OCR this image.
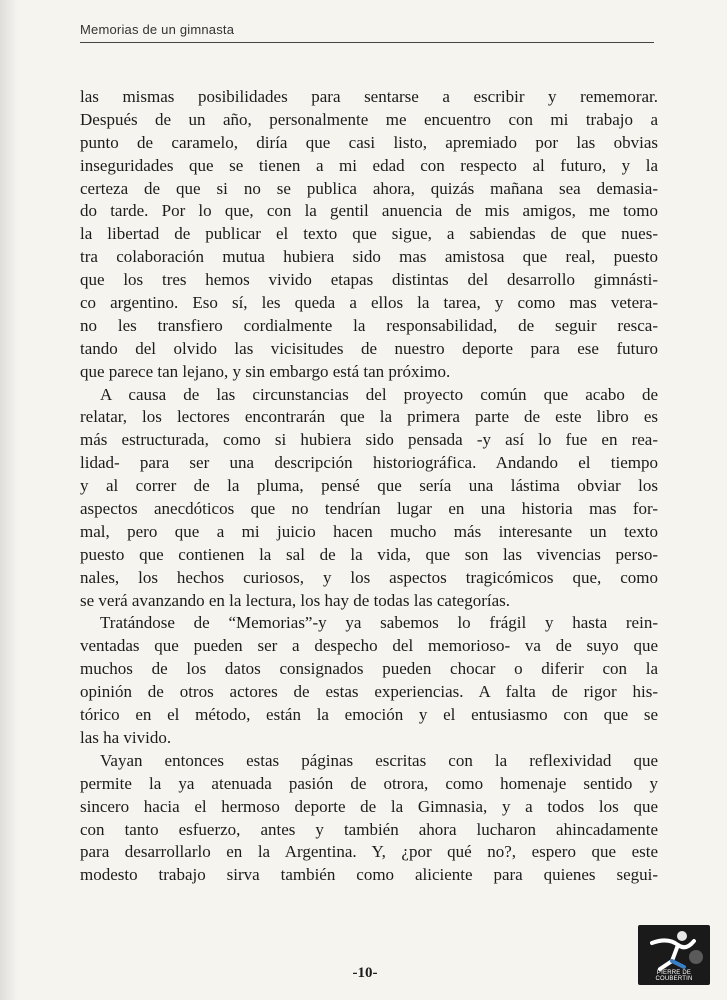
Memorias de un gimnasta
las mismas posibilidades para sentarse a escribir y rememorar.
Después de un año, personalmente me encuentro con mi trabajo a
punto de caramelo, diría que casi listo, apremiado por las obvias
inseguridades que se tienen a mi edad con respecto al futuro, y la
certeza de que si no se publica ahora, quizás mañana sea demasia-
do tarde. Por lo que, con la gentil anuencia de mis amigos, me tomo
la libertad de publicar el texto que sigue, a sabiendas de que nues-
tra colaboración mutua hubiera sido mas amistosa que real, puesto
que los tres hemos vivido etapas distintas del desarrollo gimnásti-
co argentino. Eso sí, les queda a ellos la tarea, y como mas vetera-
no les transfiero cordialmente la responsabilidad, de seguir resca-
tando del olvido las vicisitudes de nuestro deporte para ese futuro
que parece tan lejano, y sin embargo está tan próximo.
A causa de las circunstancias del proyecto común que acabo de
relatar, los lectores encontrarán que la primera parte de este libro es
más estructurada, como si hubiera sido pensada -y así lo fue en rea-
lidad- para ser una descripción historiográfica. Andando el tiempo
y al correr de la pluma, pensé que sería una lástima obviar los
aspectos anecdóticos que no tendrían lugar en una historia mas for-
mal, pero que a mi juicio hacen mucho más interesante un texto
puesto que contienen la sal de la vida, que son las vivencias perso-
nales, los hechos curiosos, y los aspectos tragicómicos que, como
se verá avanzando en la lectura, los hay de todas las categorías.
Tratándose de “Memorias”-y ya sabemos lo frágil y hasta rein-
ventadas que pueden ser a despecho del memorioso- va de suyo que
muchos de los datos consignados pueden chocar o diferir con la
opinión de otros actores de estas experiencias. A falta de rigor his-
tórico en el método, están la emoción y el entusiasmo con que se
las ha vivido.
Vayan entonces estas páginas escritas con la reflexividad que
permite la ya atenuada pasión de otrora, como homenaje sentido y
sincero hacia el hermoso deporte de la Gimnasia, y a todos los que
con tanto esfuerzo, antes y también ahora lucharon ahincadamente
para desarrollarlo en la Argentina. Y, ¿por qué no?, espero que este
modesto trabajo sirva también como aliciente para quienes segui-
-10-	PIERRE DE COUBERTIN
